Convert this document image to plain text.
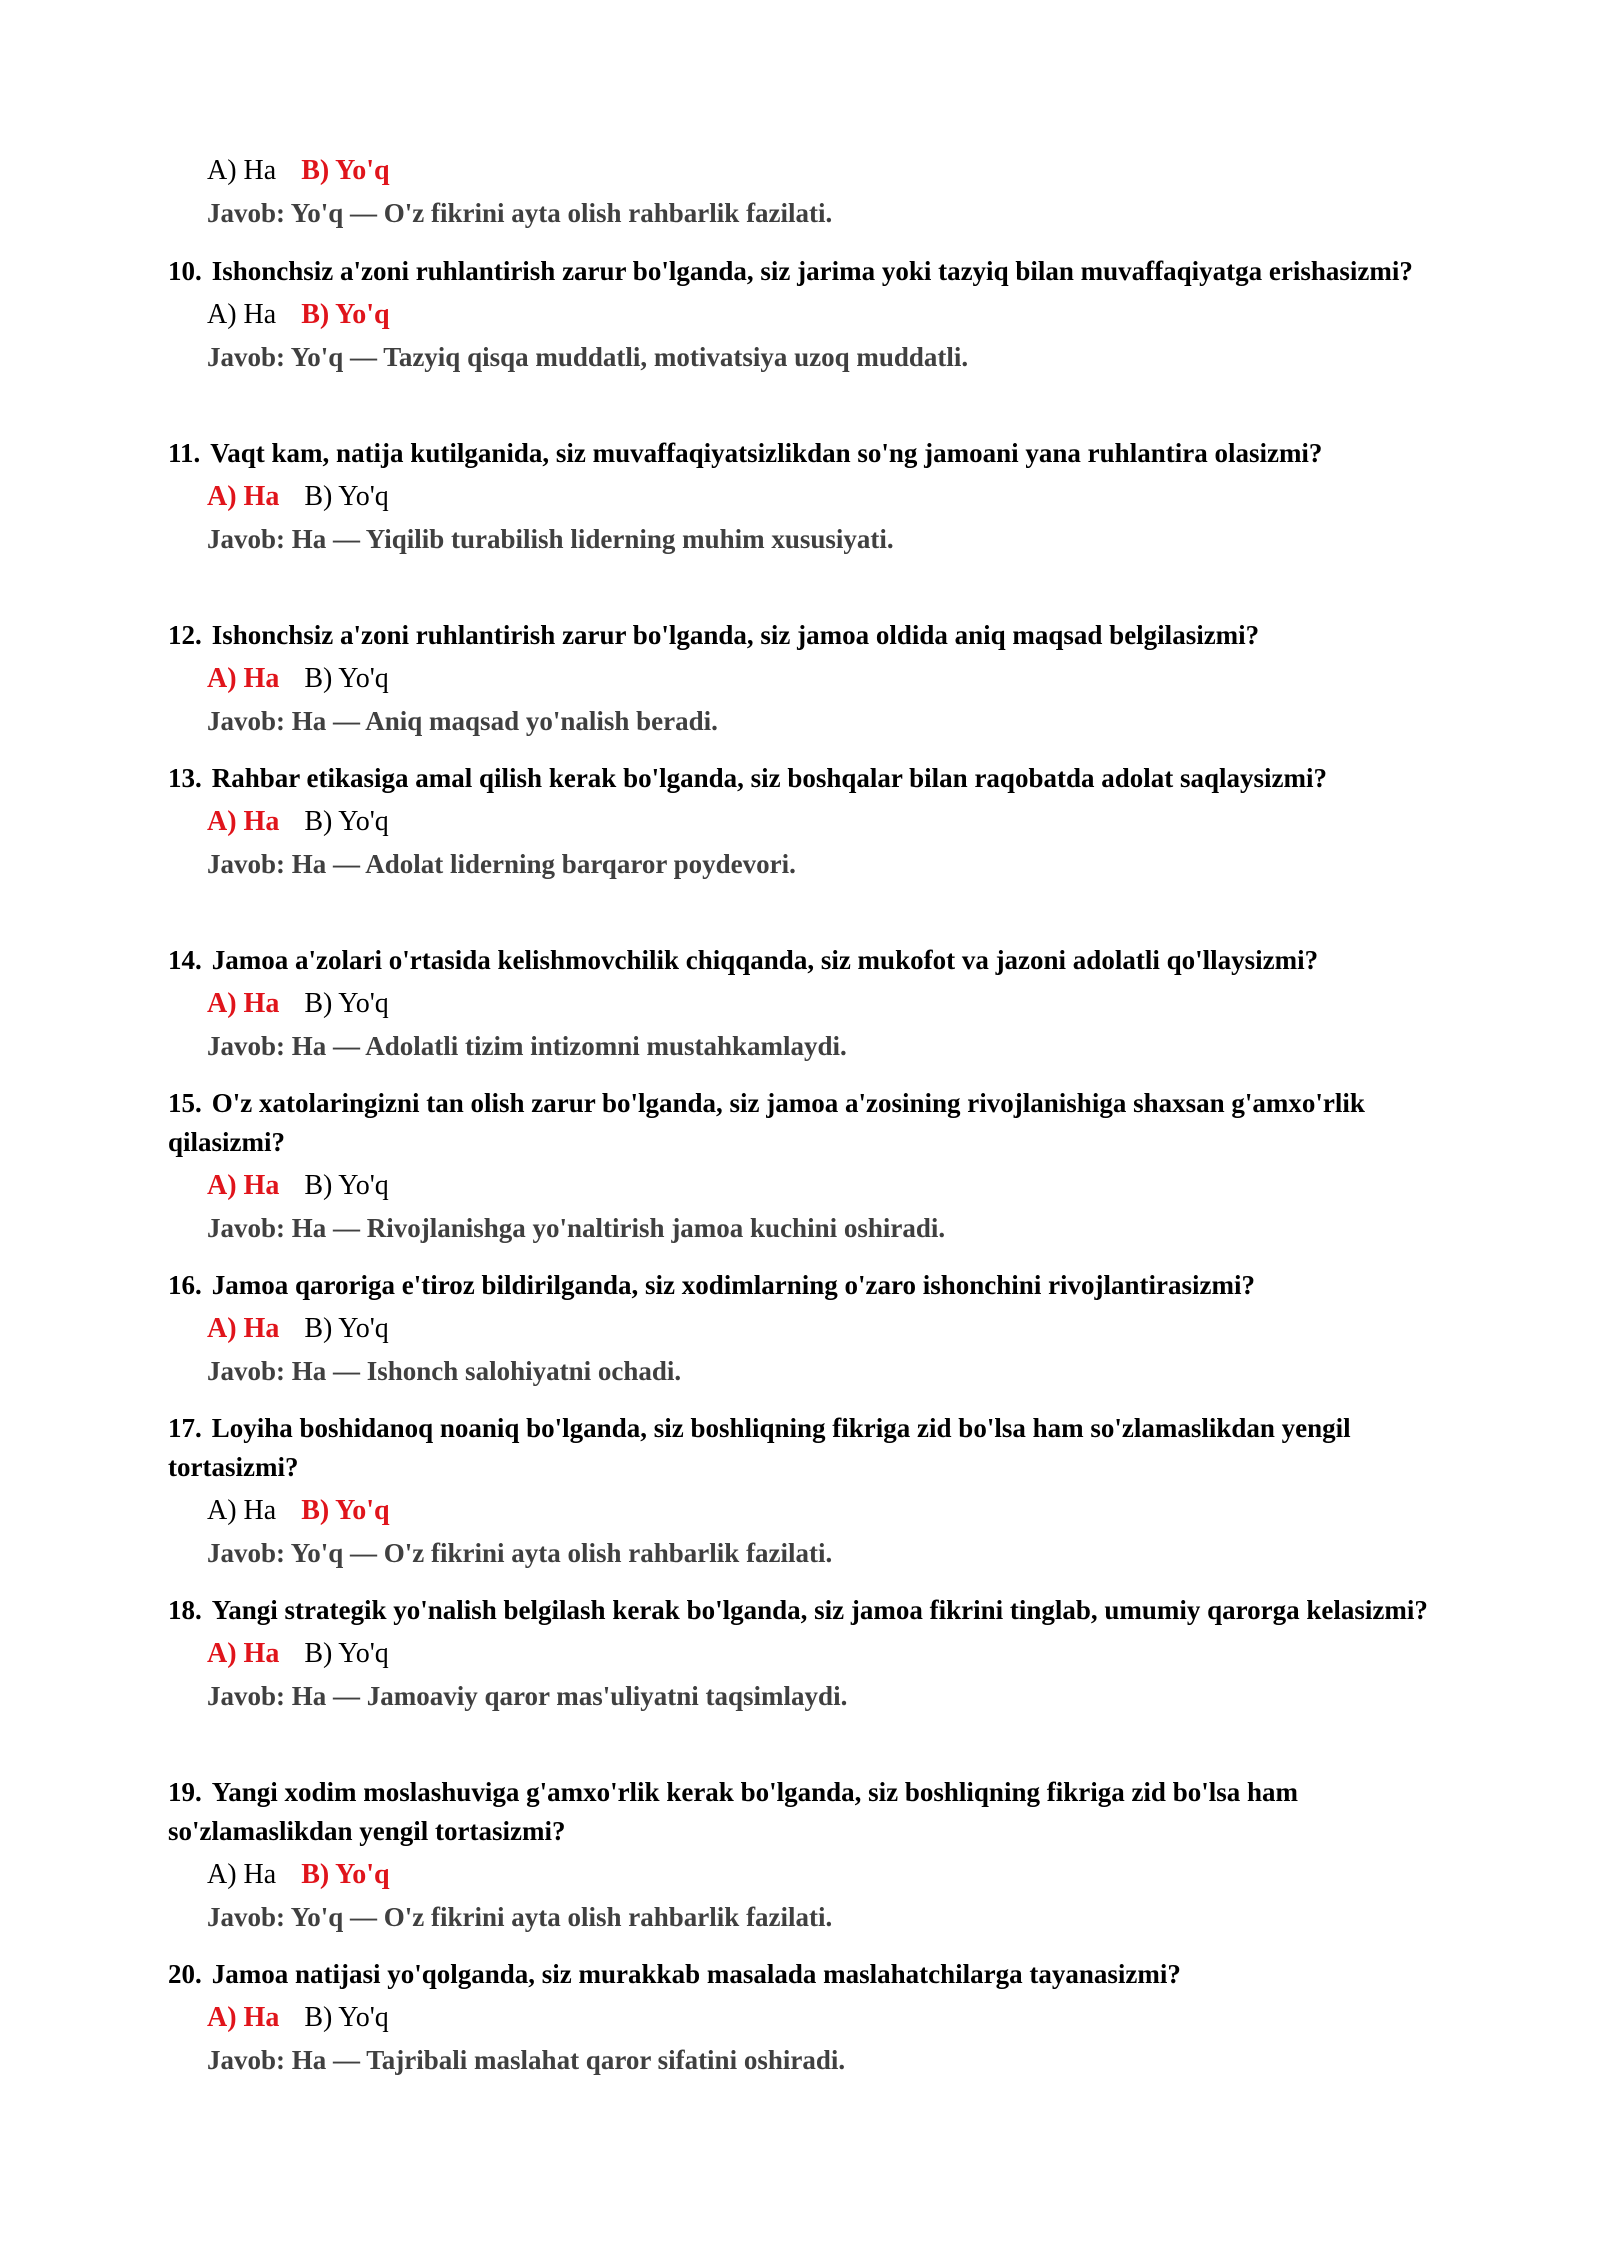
A) Ha B) Yo'q
Javob: Yo'q — O'z fikrini ayta olish rahbarlik fazilati.

10. Ishonchsiz a'zoni ruhlantirish zarur bo'lganda, siz jarima yoki tazyiq bilan muvaffaqiyatga erishasizmi?

A) Ha B) Yo'q
Javob: Yo'q — Tazyiq qisqa muddatli, motivatsiya uzoq muddatli.

11. Vaqt kam, natija kutilganida, siz muvaffaqiyatsizlikdan so'ng jamoani yana ruhlantira olasizmi?

A) Ha B) Yo'q
Javob: Ha — Yiqilib turabilish liderning muhim xususiyati.

12. Ishonchsiz a'zoni ruhlantirish zarur bo'lganda, siz jamoa oldida aniq maqsad belgilasizmi?

A) Ha B) Yo'q
Javob: Ha — Aniq maqsad yo'nalish beradi.

13. Rahbar etikasiga amal qilish kerak bo'lganda, siz boshqalar bilan raqobatda adolat saqlaysizmi?

A) Ha B) Yo'q
Javob: Ha — Adolat liderning barqaror poydevori.

14. Jamoa a'zolari o'rtasida kelishmovchilik chiqqanda, siz mukofot va jazoni adolatli qo'llaysizmi?

A) Ha B) Yo'q
Javob: Ha — Adolatli tizim intizomni mustahkamlaydi.

15. O'z xatolaringizni tan olish zarur bo'lganda, siz jamoa a'zosining rivojlanishiga shaxsan g'amxo'rlik qilasizmi?

A) Ha B) Yo'q
Javob: Ha — Rivojlanishga yo'naltirish jamoa kuchini oshiradi.

16. Jamoa qaroriga e'tiroz bildirilganda, siz xodimlarning o'zaro ishonchini rivojlantirasizmi?

A) Ha B) Yo'q
Javob: Ha — Ishonch salohiyatni ochadi.

17. Loyiha boshidanoq noaniq bo'lganda, siz boshliqning fikriga zid bo'lsa ham so'zlamaslikdan yengil tortasizmi?

A) Ha B) Yo'q
Javob: Yo'q — O'z fikrini ayta olish rahbarlik fazilati.

18. Yangi strategik yo'nalish belgilash kerak bo'lganda, siz jamoa fikrini tinglab, umumiy qarorga kelasizmi?

A) Ha B) Yo'q
Javob: Ha — Jamoaviy qaror mas'uliyatni taqsimlaydi.

19. Yangi xodim moslashuviga g'amxo'rlik kerak bo'lganda, siz boshliqning fikriga zid bo'lsa ham so'zlamaslikdan yengil tortasizmi?

A) Ha B) Yo'q
Javob: Yo'q — O'z fikrini ayta olish rahbarlik fazilati.

20. Jamoa natijasi yo'qolganda, siz murakkab masalada maslahatchilarga tayanasizmi?

A) Ha B) Yo'q
Javob: Ha — Tajribali maslahat qaror sifatini oshiradi.
